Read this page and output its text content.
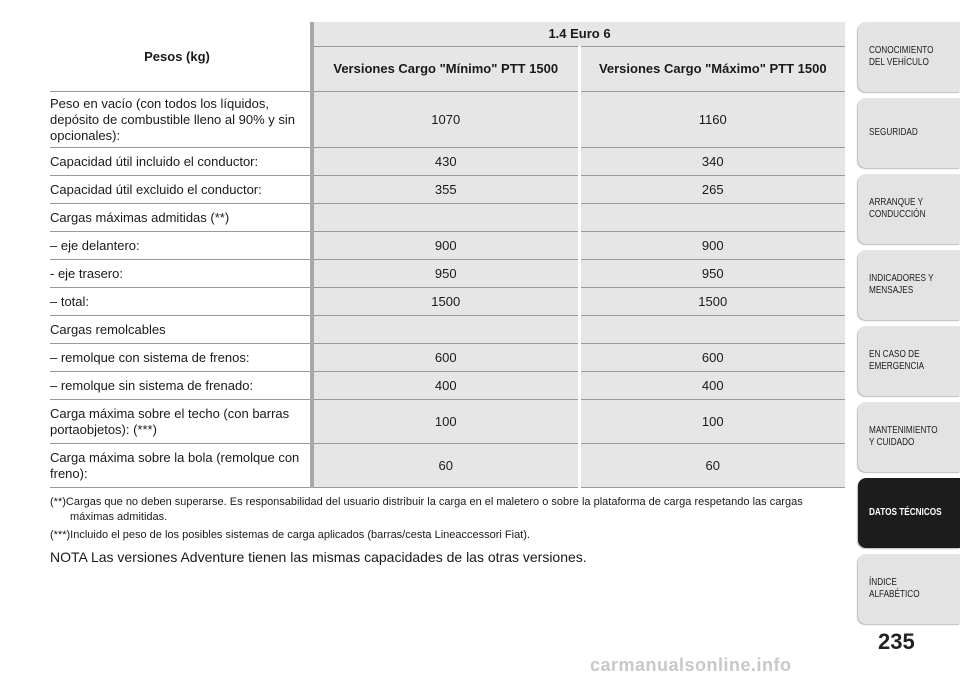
Pesos (kg)	1.4 Euro 6	
	Versiones Cargo "Mínimo" PTT 1500	Versiones Cargo "Máximo" PTT 1500
Peso en vacío (con todos los líquidos, depósito de combustible lleno al 90% y sin opcionales):	1070	1160
Capacidad útil incluido el conductor:	430	340
Capacidad útil excluido el conductor:	355	265
Cargas máximas admitidas (**)		
– eje delantero:	900	900
- eje trasero:	950	950
– total:	1500	1500
Cargas remolcables		
– remolque con sistema de frenos:	600	600
– remolque sin sistema de frenado:	400	400
Carga máxima sobre el techo (con barras portaobjetos): (***)	100	100
Carga máxima sobre la bola (remolque con freno):	60	60

(**)Cargas que no deben superarse. Es responsabilidad del usuario distribuir la carga en el maletero o sobre la plataforma de carga respetando las cargas máximas admitidas.

(***)Incluido el peso de los posibles sistemas de carga aplicados (barras/cesta Lineaccessori Fiat).

NOTA Las versiones Adventure tienen las mismas capacidades de las otras versiones.
CONOCIMIENTO DEL VEHÍCULO
SEGURIDAD
ARRANQUE Y CONDUCCIÓN
INDICADORES Y MENSAJES
EN CASO DE EMERGENCIA
MANTENIMIENTO Y CUIDADO
DATOS TÉCNICOS
ÍNDICE ALFABÉTICO
235
carmanualsonline.info
